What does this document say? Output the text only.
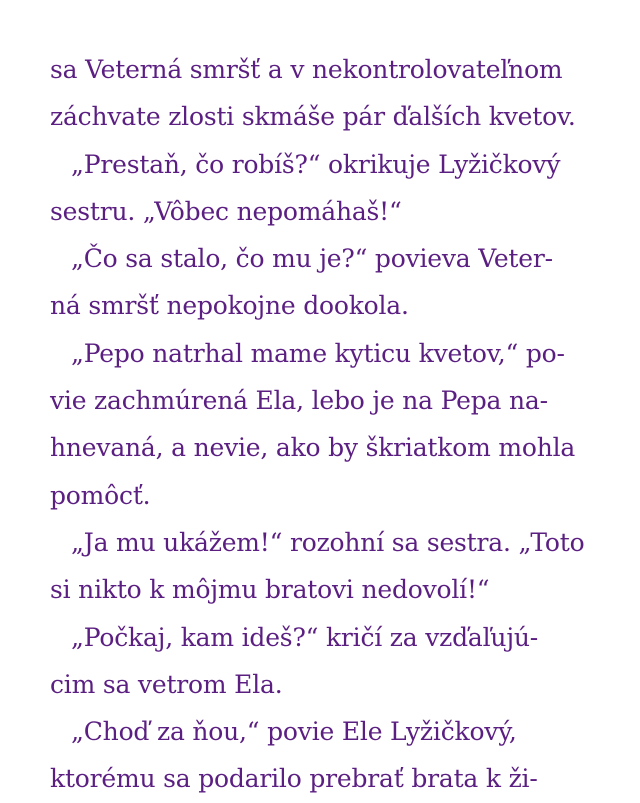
sa Veterná smršť a v nekontrolovateľnom
záchvate zlosti skmáše pár ďalších kvetov.
„Prestaň, čo robíš?“ okrikuje Lyžičkový
sestru. „Vôbec nepomáhaš!“
„Čo sa stalo, čo mu je?“ povieva Veter-
ná smršť nepokojne dookola.
„Pepo natrhal mame kyticu kvetov,“ po-
vie zachmúrená Ela, lebo je na Pepa na-
hnevaná, a nevie, ako by škriatkom mohla
pomôcť.
„Ja mu ukážem!“ rozohní sa sestra. „Toto
si nikto k môjmu bratovi nedovolí!“
„Počkaj, kam ideš?“ kričí za vzďaľujú-
cim sa vetrom Ela.
„Choď za ňou,“ povie Ele Lyžičkový,
ktorému sa podarilo prebrať brata k ži-
